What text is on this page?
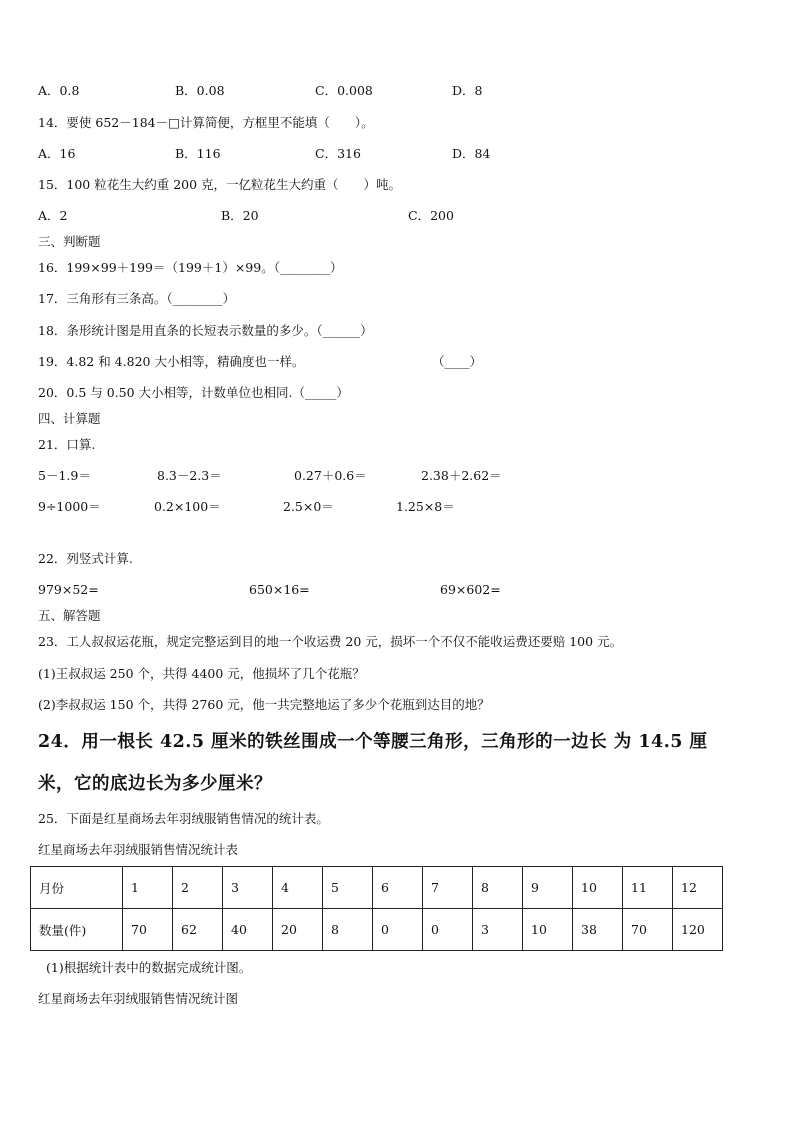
A．0.8	B．0.08	C．0.008	D．8
14．要使 652－184－□计算简便，方框里不能填（　　）。
A．16	B．116	C．316	D．84
15．100 粒花生大约重 200 克，一亿粒花生大约重（　　）吨。
A．2	B．20	C．200
三、判断题
16．199×99＋199＝（199＋1）×99。（________）
17．三角形有三条高。（________）
18．条形统计图是用直条的长短表示数量的多少。（______）
19．4.82 和 4.820 大小相等，精确度也一样。	（____）
20．0.5 与 0.50 大小相等，计数单位也相同.（_____）
四、计算题
21．口算.
5－1.9＝	8.3－2.3＝	0.27＋0.6＝	2.38＋2.62＝
9÷1000＝	0.2×100＝	2.5×0＝	1.25×8＝
22．列竖式计算.
979×52=	650×16=	69×602=
五、解答题
23．工人叔叔运花瓶，规定完整运到目的地一个收运费 20 元，损坏一个不仅不能收运费还要赔 100 元。
(1)王叔叔运 250 个，共得 4400 元，他损坏了几个花瓶？
(2)李叔叔运 150 个，共得 2760 元，他一共完整地运了多少个花瓶到达目的地？
24．用一根长 42.5 厘米的铁丝围成一个等腰三角形，三角形的一边长 为 14.5 厘
米，它的底边长为多少厘米？
25．下面是红星商场去年羽绒服销售情况的统计表。
红星商场去年羽绒服销售情况统计表
月份	1	2	3	4	5	6	7	8	9	10	11	12
数量(件)	70	62	40	20	8	0	0	3	10	38	70	120
(1)根据统计表中的数据完成统计图。
红星商场去年羽绒服销售情况统计图
